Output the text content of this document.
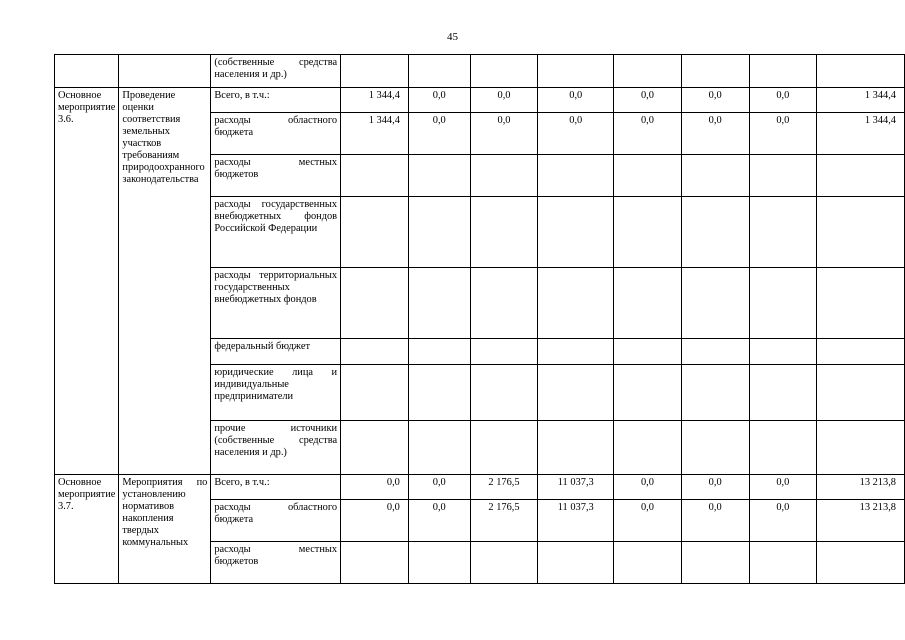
45
		(собственные средства населения и др.)								
Основное мероприятие 3.6.	Проведение оценки соответствия земельных участков требованиям природоохранного законодательства	Всего, в т.ч.:	1 344,4	0,0	0,0	0,0	0,0	0,0	0,0	1 344,4
		расходы областного бюджета	1 344,4	0,0	0,0	0,0	0,0	0,0	0,0	1 344,4
		расходы местных бюджетов								
		расходы государственных внебюджетных фондов Российской Федерации								
		расходы территориальных государственных внебюджетных фондов								
		федеральный бюджет								
		юридические лица и индивидуальные предприниматели								
		прочие источники (собственные средства населения и др.)								
Основное мероприятие 3.7.	Мероприятия по установлению нормативов накопления твердых коммунальных	Всего, в т.ч.:	0,0	0,0	2 176,5	11 037,3	0,0	0,0	0,0	13 213,8
		расходы областного бюджета	0,0	0,0	2 176,5	11 037,3	0,0	0,0	0,0	13 213,8
		расходы местных бюджетов								
